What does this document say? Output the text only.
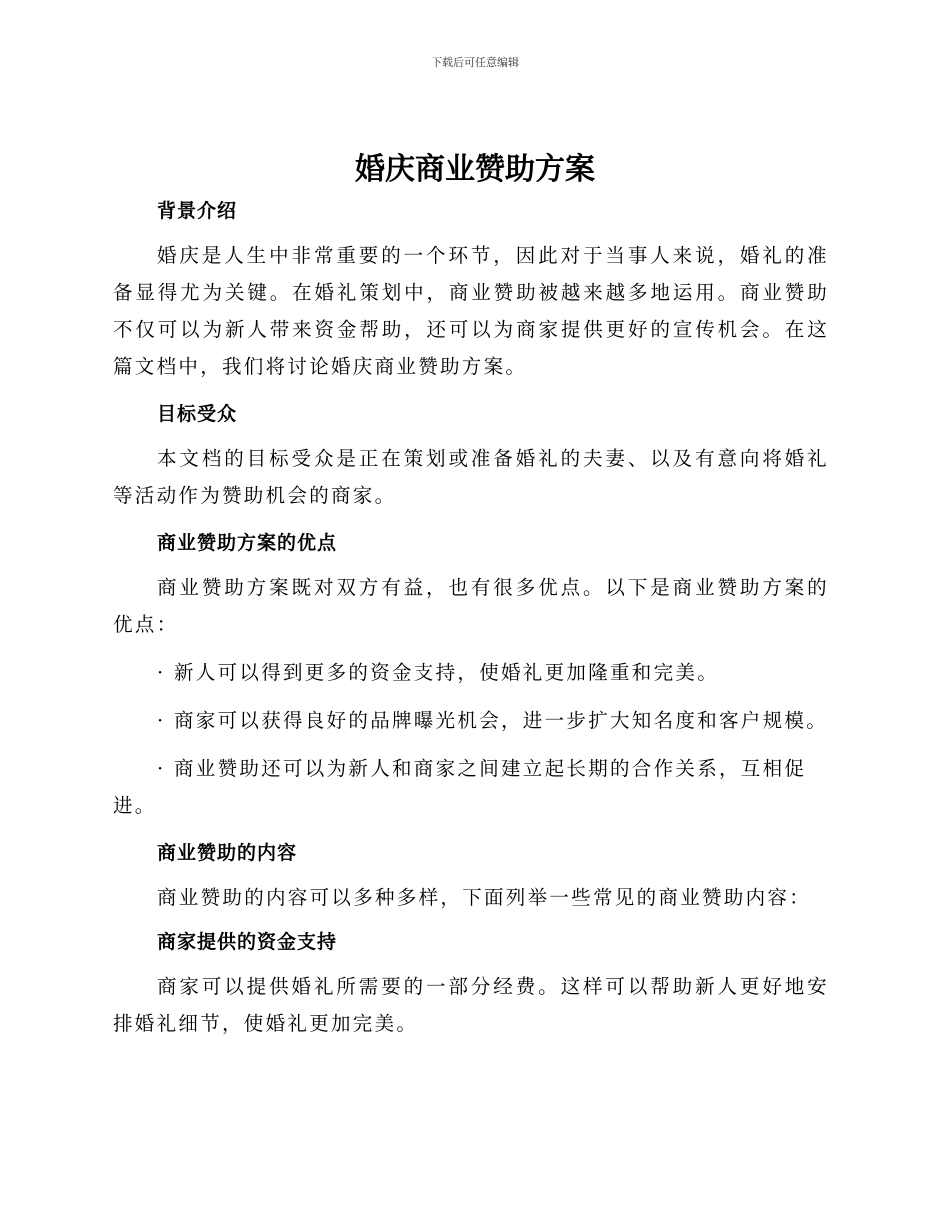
下载后可任意编辑
婚庆商业赞助方案
背景介绍

婚庆是人生中非常重要的一个环节，因此对于当事人来说，婚礼的准备显得尤为关键。在婚礼策划中，商业赞助被越来越多地运用。商业赞助不仅可以为新人带来资金帮助，还可以为商家提供更好的宣传机会。在这篇文档中，我们将讨论婚庆商业赞助方案。

目标受众

本文档的目标受众是正在策划或准备婚礼的夫妻、以及有意向将婚礼等活动作为赞助机会的商家。

商业赞助方案的优点

商业赞助方案既对双方有益，也有很多优点。以下是商业赞助方案的优点：

· 新人可以得到更多的资金支持，使婚礼更加隆重和完美。

· 商家可以获得良好的品牌曝光机会，进一步扩大知名度和客户规模。

· 商业赞助还可以为新人和商家之间建立起长期的合作关系，互相促进。

商业赞助的内容

商业赞助的内容可以多种多样，下面列举一些常见的商业赞助内容：

商家提供的资金支持

商家可以提供婚礼所需要的一部分经费。这样可以帮助新人更好地安排婚礼细节，使婚礼更加完美。
